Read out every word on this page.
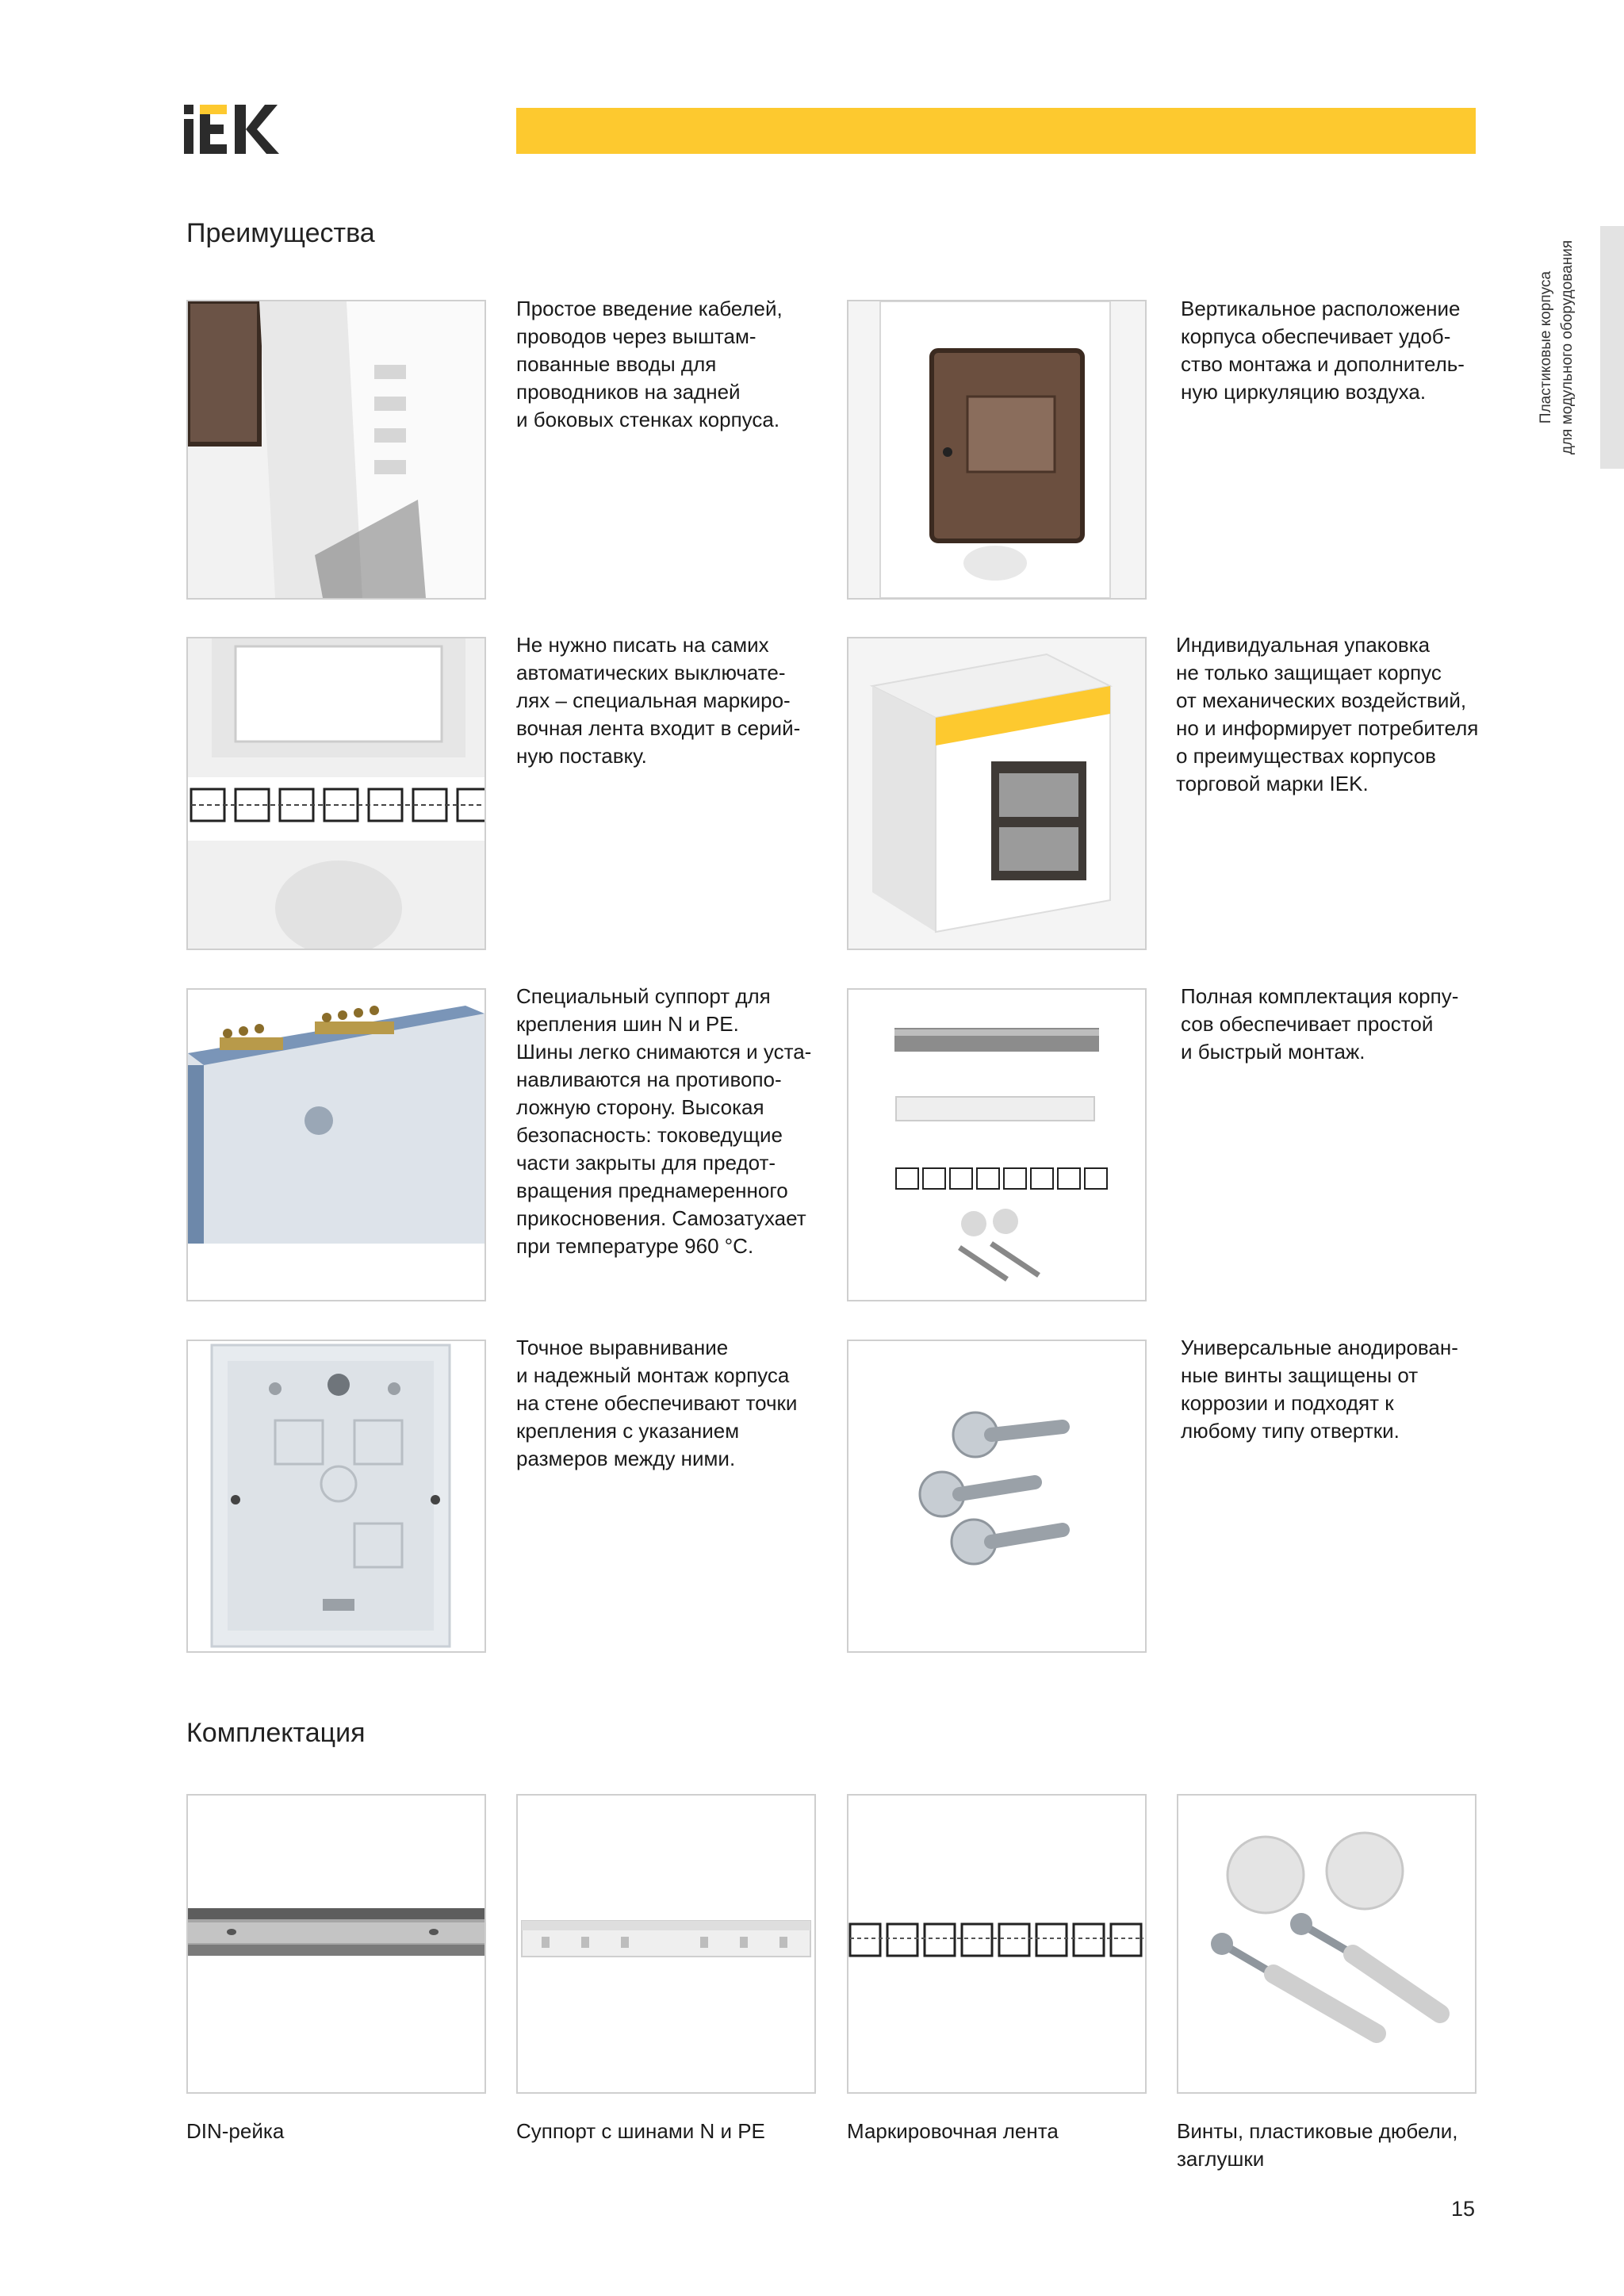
Пластиковые корпуса для модульного оборудования
Преимущества
Простое введение кабелей,
проводов через выштам-
пованные вводы для
проводников на задней
и боковых стенках корпуса.
Вертикальное расположение
корпуса обеспечивает удоб-
ство монтажа и дополнитель-
ную циркуляцию воздуха.
Не нужно писать на самих
автоматических выключате-
лях – специальная маркиро-
вочная лента входит в серий-
ную поставку.
Индивидуальная упаковка
не только защищает корпус
от механических воздействий,
но и информирует потребителя
о преимуществах корпусов
торговой марки IEK.
Специальный суппорт для
крепления шин N и PE.
Шины легко снимаются и уста-
навливаются на противопо-
ложную сторону. Высокая
безопасность: токоведущие
части закрыты для предот-
вращения преднамеренного
прикосновения. Самозатухает
при температуре 960 °С.
Полная комплектация корпу-
сов обеспечивает простой
и быстрый монтаж.
Точное выравнивание
и надежный монтаж корпуса
на стене обеспечивают точки
крепления с указанием
размеров между ними.
Универсальные анодирован-
ные винты защищены от
коррозии и подходят к
любому типу отвертки.
Комплектация
DIN-рейка	Суппорт с шинами N и PE	Маркировочная лента	Винты, пластиковые дюбели,
заглушки
15
